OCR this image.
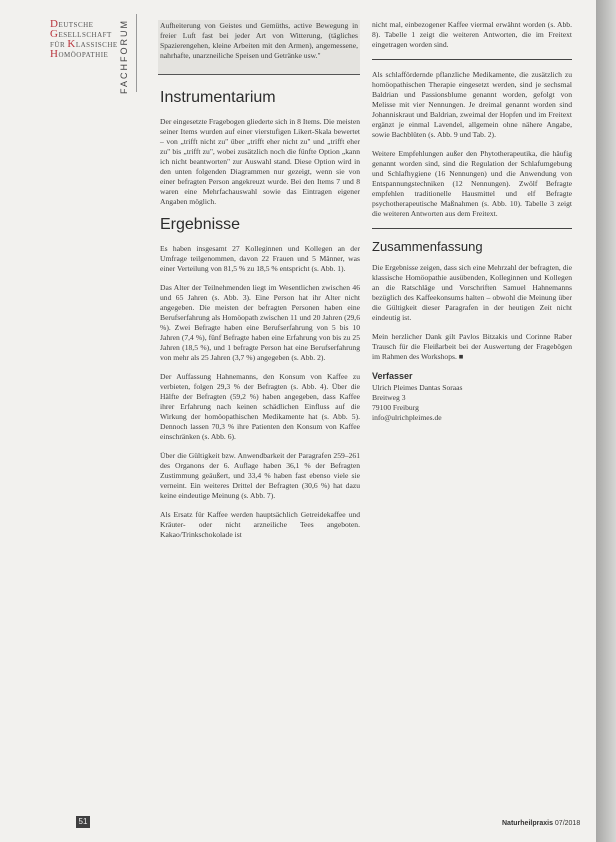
DEUTSCHE
GESELLSCHAFT
FÜR KLASSISCHE
HOMÖOPATHIE	FACHFORUM	Aufheiterung von Geistes und Gemüths, active Bewegung in freier Luft fast bei jeder Art von Witterung, (tägliches Spazierengehen, kleine Arbeiten mit den Armen), angemessene, nahrhafte, unarzneiliche Speisen und Getränke usw."

Instrumentarium

Der eingesetzte Fragebogen gliederte sich in 8 Items. Die meisten seiner Items wurden auf einer vierstufigen Likert-Skala bewertet – von „trifft nicht zu" über „trifft eher nicht zu" und „trifft eher zu" bis „trifft zu", wobei zusätzlich noch die fünfte Option „kann ich nicht beantworten" zur Auswahl stand. Diese Option wird in den unten folgenden Diagrammen nur gezeigt, wenn sie von einer befragten Person angekreuzt wurde. Bei den Items 7 und 8 waren eine Mehrfachauswahl sowie das Eintragen eigener Angaben möglich.

Ergebnisse

Es haben insgesamt 27 Kolleginnen und Kollegen an der Umfrage teilgenommen, davon 22 Frauen und 5 Männer, was einer Verteilung von 81,5 % zu 18,5 % entspricht (s. Abb. 1).

Das Alter der Teilnehmenden liegt im Wesentlichen zwischen 46 und 65 Jahren (s. Abb. 3). Eine Person hat ihr Alter nicht angegeben. Die meisten der befragten Personen haben eine Berufserfahrung als Homöopath zwischen 11 und 20 Jahren (29,6 %). Zwei Befragte haben eine Berufserfahrung von 5 bis 10 Jahren (7,4 %), fünf Befragte haben eine Erfahrung von bis zu 25 Jahren (18,5 %), und 1 befragte Person hat eine Berufserfahrung von mehr als 25 Jahren (3,7 %) angegeben (s. Abb. 2).

Der Auffassung Hahnemanns, den Konsum von Kaffee zu verbieten, folgen 29,3 % der Befragten (s. Abb. 4). Über die Hälfte der Befragten (59,2 %) haben angegeben, dass Kaffee ihrer Erfahrung nach keinen schädlichen Einfluss auf die Wirkung der homöopathischen Medikamente hat (s. Abb. 5). Dennoch lassen 70,3 % ihre Patienten den Konsum von Kaffee einschränken (s. Abb. 6).

Über die Gültigkeit bzw. Anwendbarkeit der Paragrafen 259–261 des Organons der 6. Auflage haben 36,1 % der Befragten Zustimmung geäußert, und 33,4 % haben fast ebenso viele sie verneint. Ein weiteres Drittel der Befragten (30,6 %) hat dazu keine eindeutige Meinung (s. Abb. 7).

Als Ersatz für Kaffee werden hauptsächlich Getreidekaffee und Kräuter- oder nicht arzneiliche Tees angeboten. Kakao/Trinkschokolade ist

nicht mal, einbezogener Kaffee viermal erwähnt worden (s. Abb. 8). Tabelle 1 zeigt die weiteren Antworten, die im Freitext eingetragen worden sind.

Als schlaffördernde pflanzliche Medikamente, die zusätzlich zu homöopathischen Therapie eingesetzt werden, sind je sechsmal Baldrian und Passionsblume genannt worden, gefolgt von Melisse mit vier Nennungen. Je dreimal genannt worden sind Johanniskraut und Baldrian, zweimal der Hopfen und im Freitext ergänzt je einmal Lavendel, allgemein ohne nähere Angabe, sowie Bachblüten (s. Abb. 9 und Tab. 2).

Weitere Empfehlungen außer den Phytotherapeutika, die häufig genannt worden sind, sind die Regulation der Schlafumgebung und Schlafhygiene (16 Nennungen) und die Anwendung von Entspannungstechniken (12 Nennungen). Zwölf Befragte empfehlen traditionelle Hausmittel und elf Befragte psychotherapeutische Maßnahmen (s. Abb. 10). Tabelle 3 zeigt die weiteren Antworten aus dem Freitext.

Zusammenfassung

Die Ergebnisse zeigen, dass sich eine Mehrzahl der befragten, die klassische Homöopathie ausübenden, Kolleginnen und Kollegen an die Ratschläge und Vorschriften Samuel Hahnemanns bezüglich des Kaffeekonsums halten – obwohl die Meinung über die Gültigkeit dieser Paragrafen in der heutigen Zeit nicht eindeutig ist.

Mein herzlicher Dank gilt Pavlos Bitzakis und Corinne Raber Trausch für die Fleißarbeit bei der Auswertung der Fragebögen im Rahmen des Workshops. ■

Verfasser
Ulrich Pleimes Dantas Soraas
Breitweg 3
79100 Freiburg
info@ulrichpleimes.de
51	Naturheilpraxis 07/2018
